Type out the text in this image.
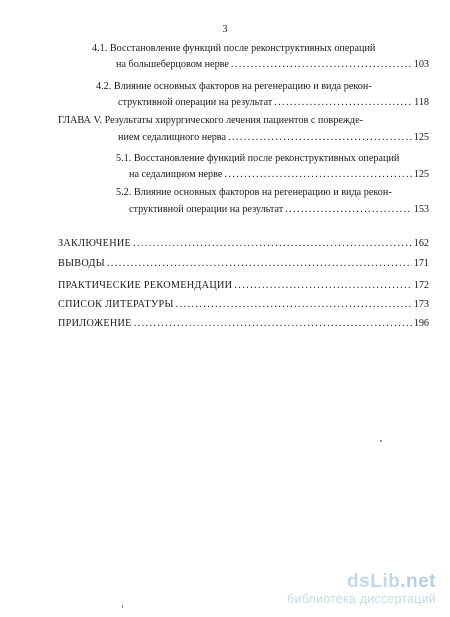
3
4.1. Восстановление функций после реконструктивных операций
на большеберцовом нерве .....	103
4.2. Влияние основных факторов на регенерацию и вида рекон-
структивной операции на результат .....	118
ГЛАВА V. Результаты хирургического лечения пациентов с поврежде-
нием седалищного нерва .....	125
5.1. Восстановление функций после реконструктивных операций
на седалищном нерве .....	125
5.2. Влияние основных факторов на регенерацию и вида рекон-
структивной операции на результат .....	153
ЗАКЛЮЧЕНИЕ .....	162
ВЫВОДЫ .....	171
ПРАКТИЧЕСКИЕ РЕКОМЕНДАЦИИ .....	172
СПИСОК ЛИТЕРАТУРЫ .....	173
ПРИЛОЖЕНИЕ .....	196
dsLib.net
библиотека диссертаций
